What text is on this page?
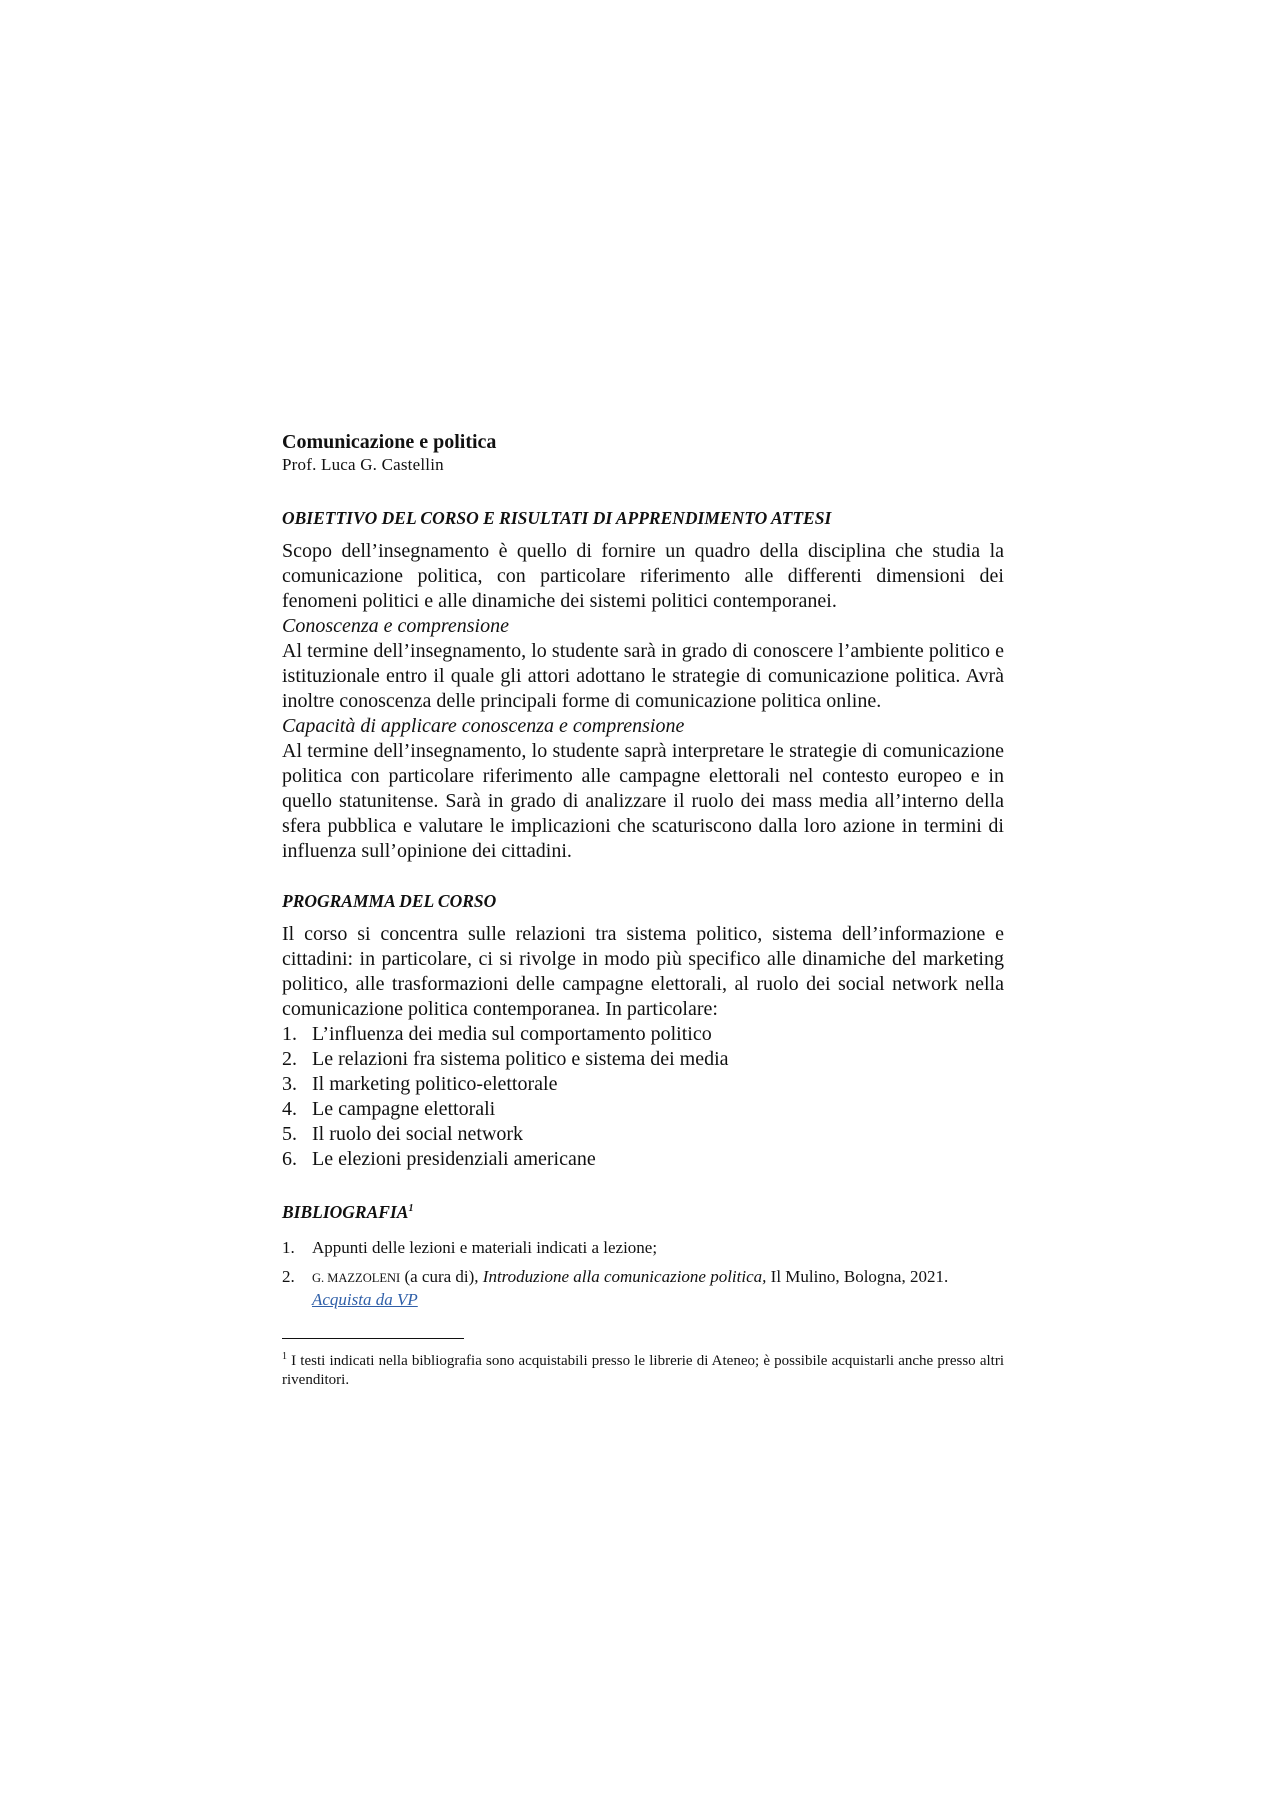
Comunicazione e politica

Prof. Luca G. Castellin

OBIETTIVO DEL CORSO E RISULTATI DI APPRENDIMENTO ATTESI

Scopo dell’insegnamento è quello di fornire un quadro della disciplina che studia la comunicazione politica, con particolare riferimento alle differenti dimensioni dei fenomeni politici e alle dinamiche dei sistemi politici contemporanei.

Conoscenza e comprensione

Al termine dell’insegnamento, lo studente sarà in grado di conoscere l’ambiente politico e istituzionale entro il quale gli attori adottano le strategie di comunicazione politica. Avrà inoltre conoscenza delle principali forme di comunicazione politica online.

Capacità di applicare conoscenza e comprensione

Al termine dell’insegnamento, lo studente saprà interpretare le strategie di comunicazione politica con particolare riferimento alle campagne elettorali nel contesto europeo e in quello statunitense. Sarà in grado di analizzare il ruolo dei mass media all’interno della sfera pubblica e valutare le implicazioni che scaturiscono dalla loro azione in termini di influenza sull’opinione dei cittadini.

PROGRAMMA DEL CORSO

Il corso si concentra sulle relazioni tra sistema politico, sistema dell’informazione e cittadini: in particolare, ci si rivolge in modo più specifico alle dinamiche del marketing politico, alle trasformazioni delle campagne elettorali, al ruolo dei social network nella comunicazione politica contemporanea. In particolare:

1. L’influenza dei media sul comportamento politico
2. Le relazioni fra sistema politico e sistema dei media
3. Il marketing politico-elettorale
4. Le campagne elettorali
5. Il ruolo dei social network
6. Le elezioni presidenziali americane

BIBLIOGRAFIA$^1$

1.	Appunti delle lezioni e materiali indicati a lezione;
2.	G. MAZZOLENI (a cura di), Introduzione alla comunicazione politica, Il Mulino, Bologna, 2021.
Acquista da VP

$^1$ I testi indicati nella bibliografia sono acquistabili presso le librerie di Ateneo; è possibile acquistarli anche presso altri rivenditori.
